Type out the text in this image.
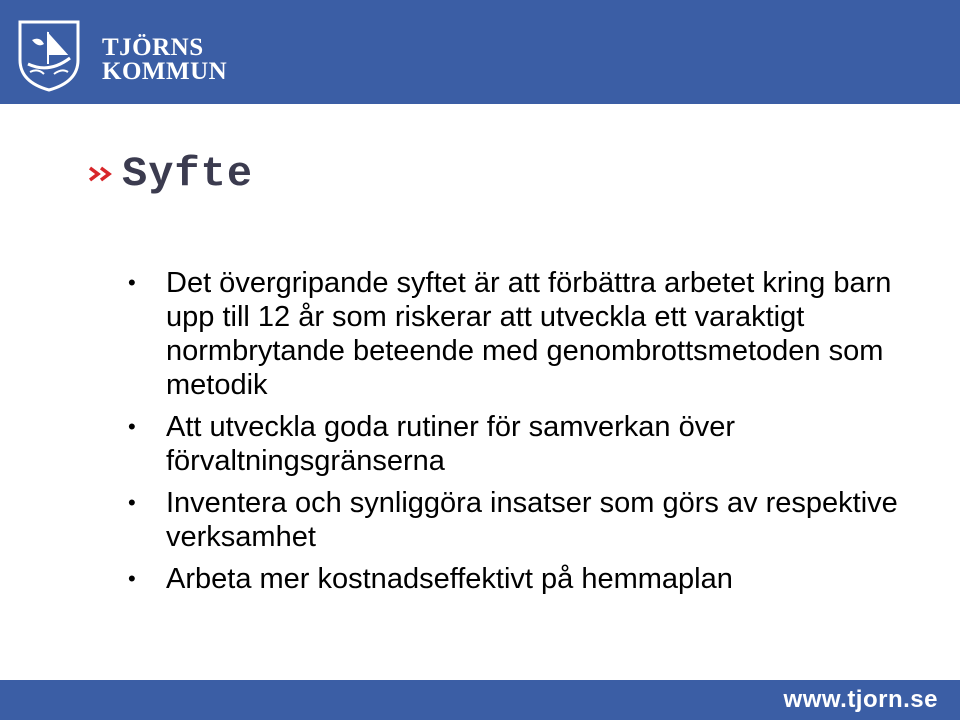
TJÖRNS
KOMMUN
Syfte
• Det övergripande syftet är att förbättra arbetet kring barn upp till 12 år som riskerar att utveckla ett varaktigt normbrytande beteende med genombrottsmetoden som metodik
• Att utveckla goda rutiner för samverkan över förvaltningsgränserna
• Inventera och synliggöra insatser som görs av respektive verksamhet
• Arbeta mer kostnadseffektivt på hemmaplan
www.tjorn.se
